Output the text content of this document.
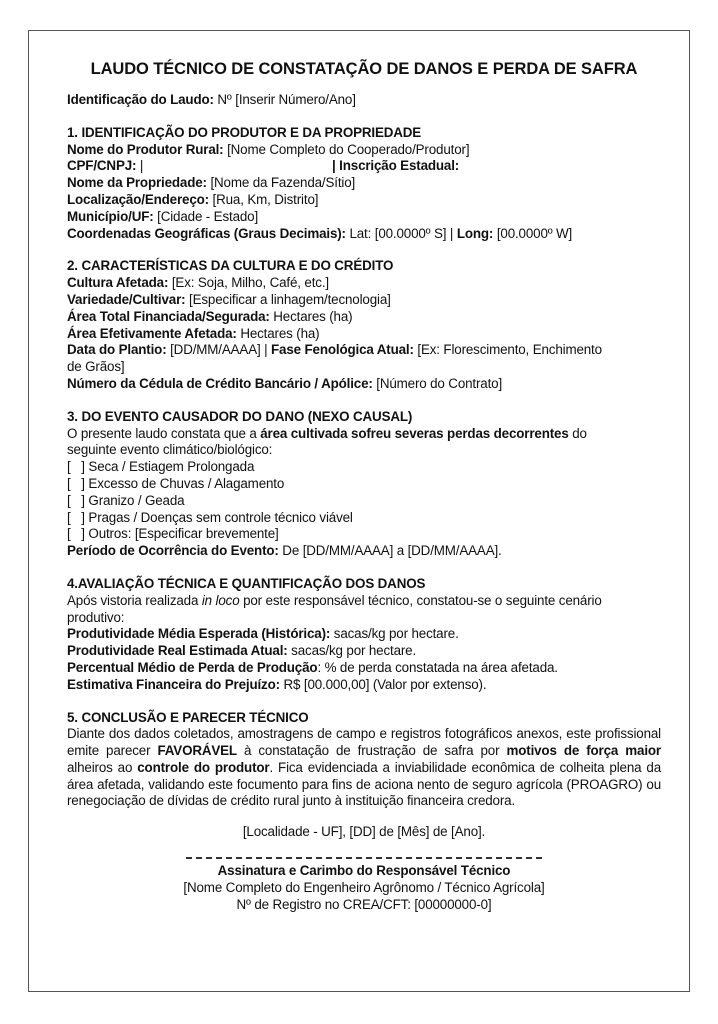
LAUDO TÉCNICO DE CONSTATAÇÃO DE DANOS E PERDA DE SAFRA

Identificação do Laudo: Nº [Inserir Número/Ano]

1. IDENTIFICAÇÃO DO PRODUTOR E DA PROPRIEDADE

Nome do Produtor Rural: [Nome Completo do Cooperado/Produtor]

CPF/CNPJ: |	| Inscrição Estadual:

Nome da Propriedade: [Nome da Fazenda/Sítio]

Localização/Endereço: [Rua, Km, Distrito]

Município/UF: [Cidade - Estado]

Coordenadas Geográficas (Graus Decimais): Lat: [00.0000º S] | Long: [00.0000º W]

2. CARACTERÍSTICAS DA CULTURA E DO CRÉDITO

Cultura Afetada: [Ex: Soja, Milho, Café, etc.]

Variedade/Cultivar: [Especificar a linhagem/tecnologia]

Área Total Financiada/Segurada: Hectares (ha)

Área Efetivamente Afetada: Hectares (ha)

Data do Plantio: [DD/MM/AAAA] | Fase Fenológica Atual: [Ex: Florescimento, Enchimento

de Grãos]

Número da Cédula de Crédito Bancário / Apólice: [Número do Contrato]

3. DO EVENTO CAUSADOR DO DANO (NEXO CAUSAL)

O presente laudo constata que a área cultivada sofreu severas perdas decorrentes do

seguinte evento climático/biológico:

[   ] Seca / Estiagem Prolongada

[   ] Excesso de Chuvas / Alagamento

[   ] Granizo / Geada

[   ] Pragas / Doenças sem controle técnico viável

[   ] Outros: [Especificar brevemente]

Período de Ocorrência do Evento: De [DD/MM/AAAA] a [DD/MM/AAAA].

4.AVALIAÇÃO TÉCNICA E QUANTIFICAÇÃO DOS DANOS

Após vistoria realizada in loco por este responsável técnico, constatou-se o seguinte cenário

produtivo:

Produtividade Média Esperada (Histórica): sacas/kg por hectare.

Produtividade Real Estimada Atual: sacas/kg por hectare.

Percentual Médio de Perda de Produção: % de perda constatada na área afetada.

Estimativa Financeira do Prejuízo: R$ [00.000,00] (Valor por extenso).

5. CONCLUSÃO E PARECER TÉCNICO

Diante dos dados coletados, amostragens de campo e registros fotográficos anexos, este profissional emite parecer FAVORÁVEL à constatação de frustração de safra por motivos de força maior alheiros ao controle do produtor. Fica evidenciada a inviabilidade econômica de colheita plena da área afetada, validando este focumento para fins de aciona nento de seguro agrícola (PROAGRO) ou renegociação de dívidas de crédito rural junto à instituição financeira credora.

[Localidade - UF], [DD] de [Mês] de [Ano].

Assinatura e Carimbo do Responsável Técnico

[Nome Completo do Engenheiro Agrônomo / Técnico Agrícola]

Nº de Registro no CREA/CFT: [00000000-0]
